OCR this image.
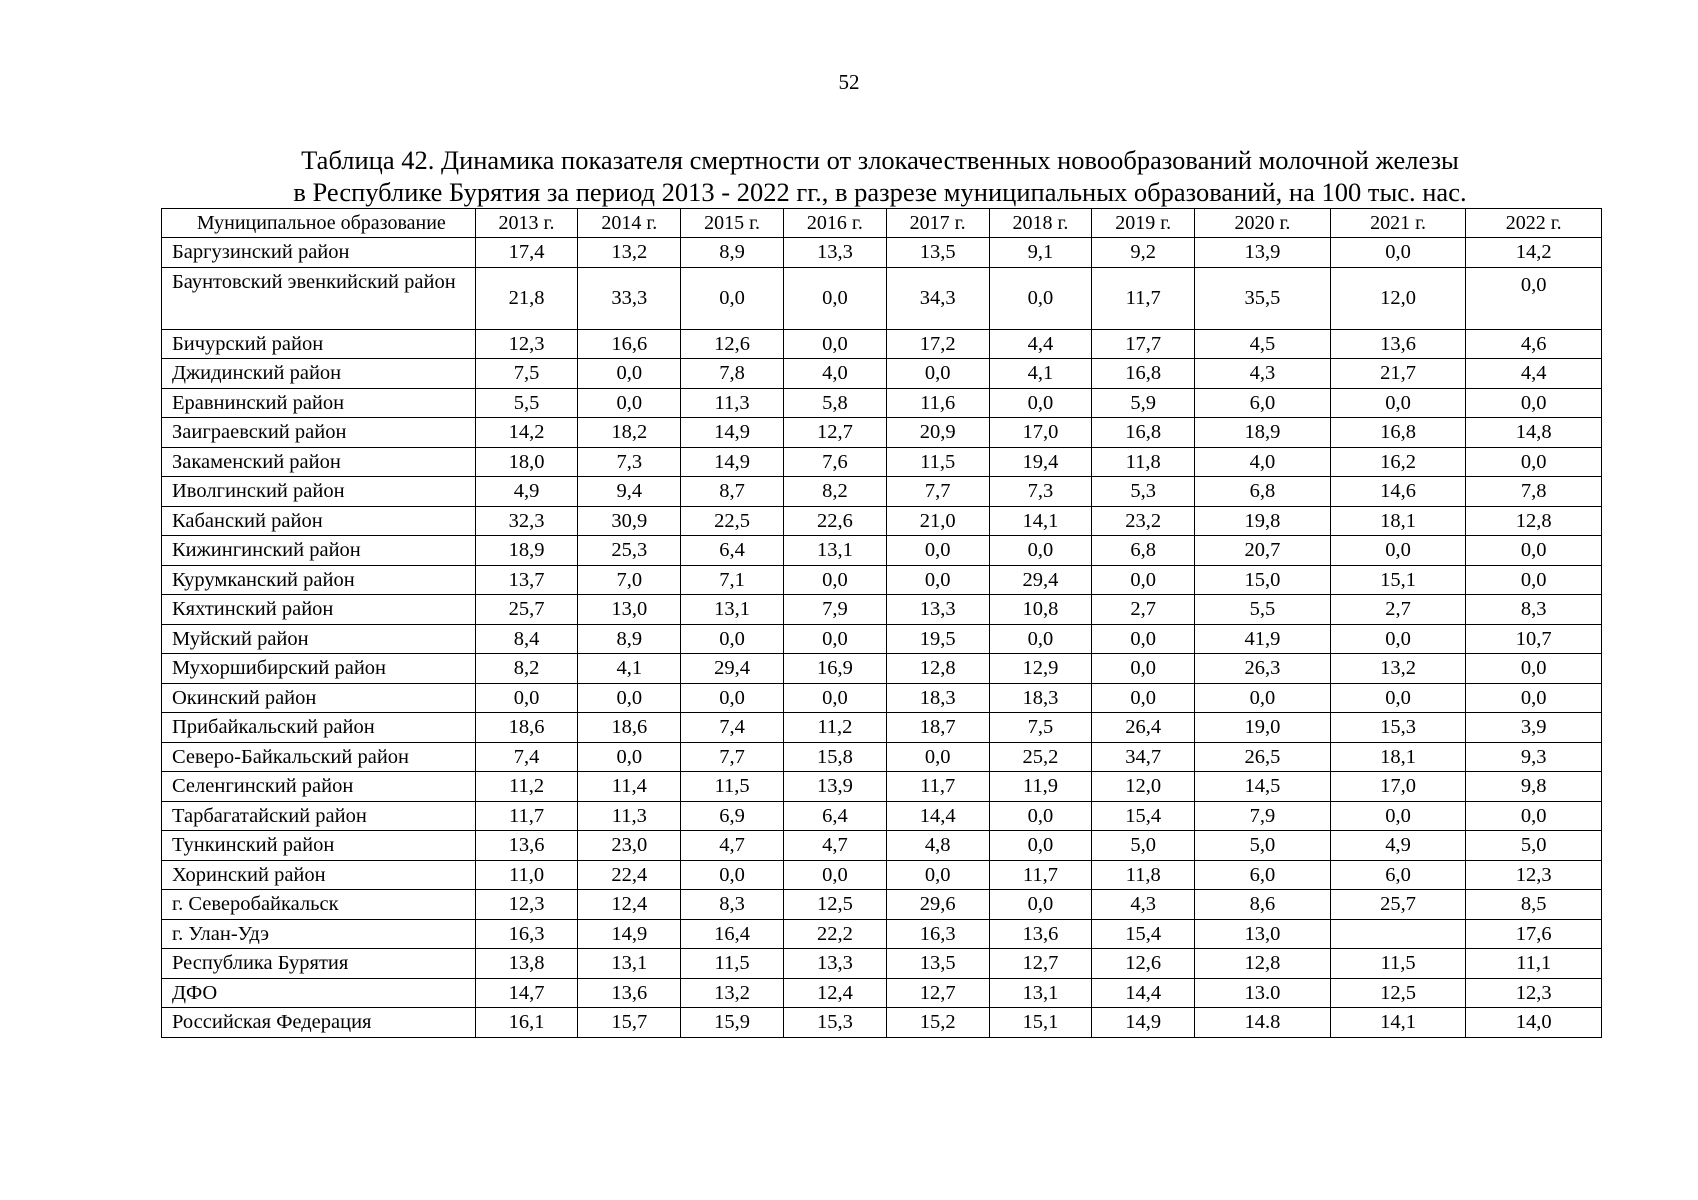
52
Таблица 42. Динамика показателя смертности от злокачественных новообразований молочной железы
в Республике Бурятия за период 2013 - 2022 гг., в разрезе муниципальных образований, на 100 тыс. нас.
Муниципальное образование	2013 г.	2014 г.	2015 г.	2016 г.	2017 г.	2018 г.	2019 г.	2020 г.	2021 г.	2022 г.
Баргузинский район	17,4	13,2	8,9	13,3	13,5	9,1	9,2	13,9	0,0	14,2
Баунтовский эвенкийский район	21,8	33,3	0,0	0,0	34,3	0,0	11,7	35,5	12,0	0,0
Бичурский район	12,3	16,6	12,6	0,0	17,2	4,4	17,7	4,5	13,6	4,6
Джидинский район	7,5	0,0	7,8	4,0	0,0	4,1	16,8	4,3	21,7	4,4
Еравнинский район	5,5	0,0	11,3	5,8	11,6	0,0	5,9	6,0	0,0	0,0
Заиграевский район	14,2	18,2	14,9	12,7	20,9	17,0	16,8	18,9	16,8	14,8
Закаменский район	18,0	7,3	14,9	7,6	11,5	19,4	11,8	4,0	16,2	0,0
Иволгинский район	4,9	9,4	8,7	8,2	7,7	7,3	5,3	6,8	14,6	7,8
Кабанский район	32,3	30,9	22,5	22,6	21,0	14,1	23,2	19,8	18,1	12,8
Кижингинский район	18,9	25,3	6,4	13,1	0,0	0,0	6,8	20,7	0,0	0,0
Курумканский район	13,7	7,0	7,1	0,0	0,0	29,4	0,0	15,0	15,1	0,0
Кяхтинский район	25,7	13,0	13,1	7,9	13,3	10,8	2,7	5,5	2,7	8,3
Муйский район	8,4	8,9	0,0	0,0	19,5	0,0	0,0	41,9	0,0	10,7
Мухоршибирский район	8,2	4,1	29,4	16,9	12,8	12,9	0,0	26,3	13,2	0,0
Окинский район	0,0	0,0	0,0	0,0	18,3	18,3	0,0	0,0	0,0	0,0
Прибайкальский район	18,6	18,6	7,4	11,2	18,7	7,5	26,4	19,0	15,3	3,9
Северо-Байкальский район	7,4	0,0	7,7	15,8	0,0	25,2	34,7	26,5	18,1	9,3
Селенгинский район	11,2	11,4	11,5	13,9	11,7	11,9	12,0	14,5	17,0	9,8
Тарбагатайский район	11,7	11,3	6,9	6,4	14,4	0,0	15,4	7,9	0,0	0,0
Тункинский район	13,6	23,0	4,7	4,7	4,8	0,0	5,0	5,0	4,9	5,0
Хоринский район	11,0	22,4	0,0	0,0	0,0	11,7	11,8	6,0	6,0	12,3
г. Северобайкальск	12,3	12,4	8,3	12,5	29,6	0,0	4,3	8,6	25,7	8,5
г. Улан-Удэ	16,3	14,9	16,4	22,2	16,3	13,6	15,4	13,0		17,6
Республика Бурятия	13,8	13,1	11,5	13,3	13,5	12,7	12,6	12,8	11,5	11,1
ДФО	14,7	13,6	13,2	12,4	12,7	13,1	14,4	13.0	12,5	12,3
Российская Федерация	16,1	15,7	15,9	15,3	15,2	15,1	14,9	14.8	14,1	14,0
